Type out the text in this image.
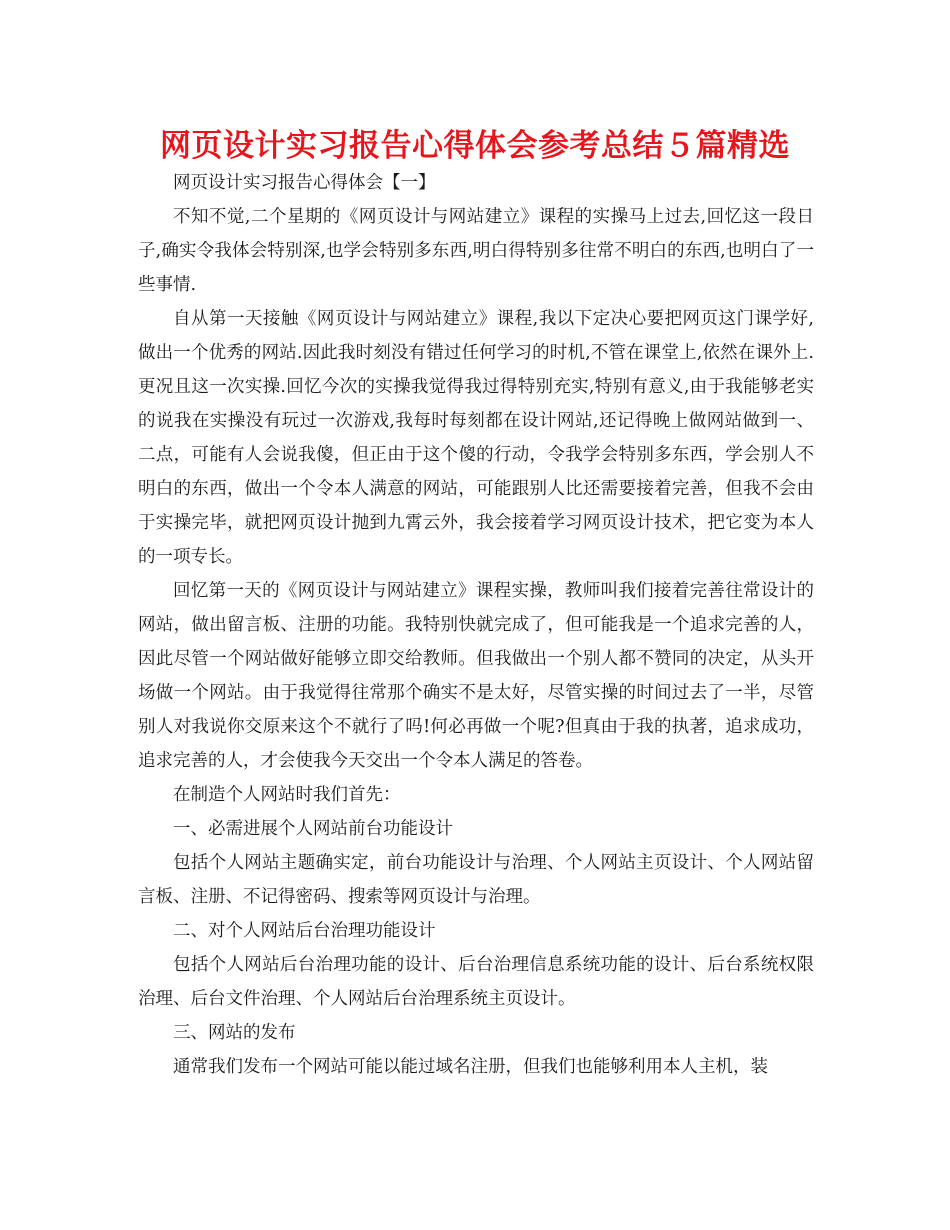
网页设计实习报告心得体会参考总结５篇精选

网页设计实习报告心得体会【一】

不知不觉,二个星期的《网页设计与网站建立》课程的实操马上过去,回忆这一段日子,确实令我体会特别深,也学会特别多东西,明白得特别多往常不明白的东西,也明白了一些事情.

自从第一天接触《网页设计与网站建立》课程,我以下定决心要把网页这门课学好,做出一个优秀的网站.因此我时刻没有错过任何学习的时机,不管在课堂上,依然在课外上.更况且这一次实操.回忆今次的实操我觉得我过得特别充实,特别有意义,由于我能够老实的说我在实操没有玩过一次游戏,我每时每刻都在设计网站,还记得晚上做网站做到一、二点，可能有人会说我傻，但正由于这个傻的行动，令我学会特别多东西，学会别人不明白的东西，做出一个令本人满意的网站，可能跟别人比还需要接着完善，但我不会由于实操完毕，就把网页设计抛到九霄云外，我会接着学习网页设计技术，把它变为本人的一项专长。

回忆第一天的《网页设计与网站建立》课程实操，教师叫我们接着完善往常设计的网站，做出留言板、注册的功能。我特别快就完成了，但可能我是一个追求完善的人，因此尽管一个网站做好能够立即交给教师。但我做出一个别人都不赞同的决定，从头开场做一个网站。由于我觉得往常那个确实不是太好，尽管实操的时间过去了一半，尽管别人对我说你交原来这个不就行了吗!何必再做一个呢?但真由于我的执著，追求成功，追求完善的人，才会使我今天交出一个令本人满足的答卷。

在制造个人网站时我们首先：

一、必需进展个人网站前台功能设计

包括个人网站主题确实定，前台功能设计与治理、个人网站主页设计、个人网站留言板、注册、不记得密码、搜索等网页设计与治理。

二、对个人网站后台治理功能设计

包括个人网站后台治理功能的设计、后台治理信息系统功能的设计、后台系统权限治理、后台文件治理、个人网站后台治理系统主页设计。

三、网站的发布

通常我们发布一个网站可能以能过域名注册，但我们也能够利用本人主机，装
